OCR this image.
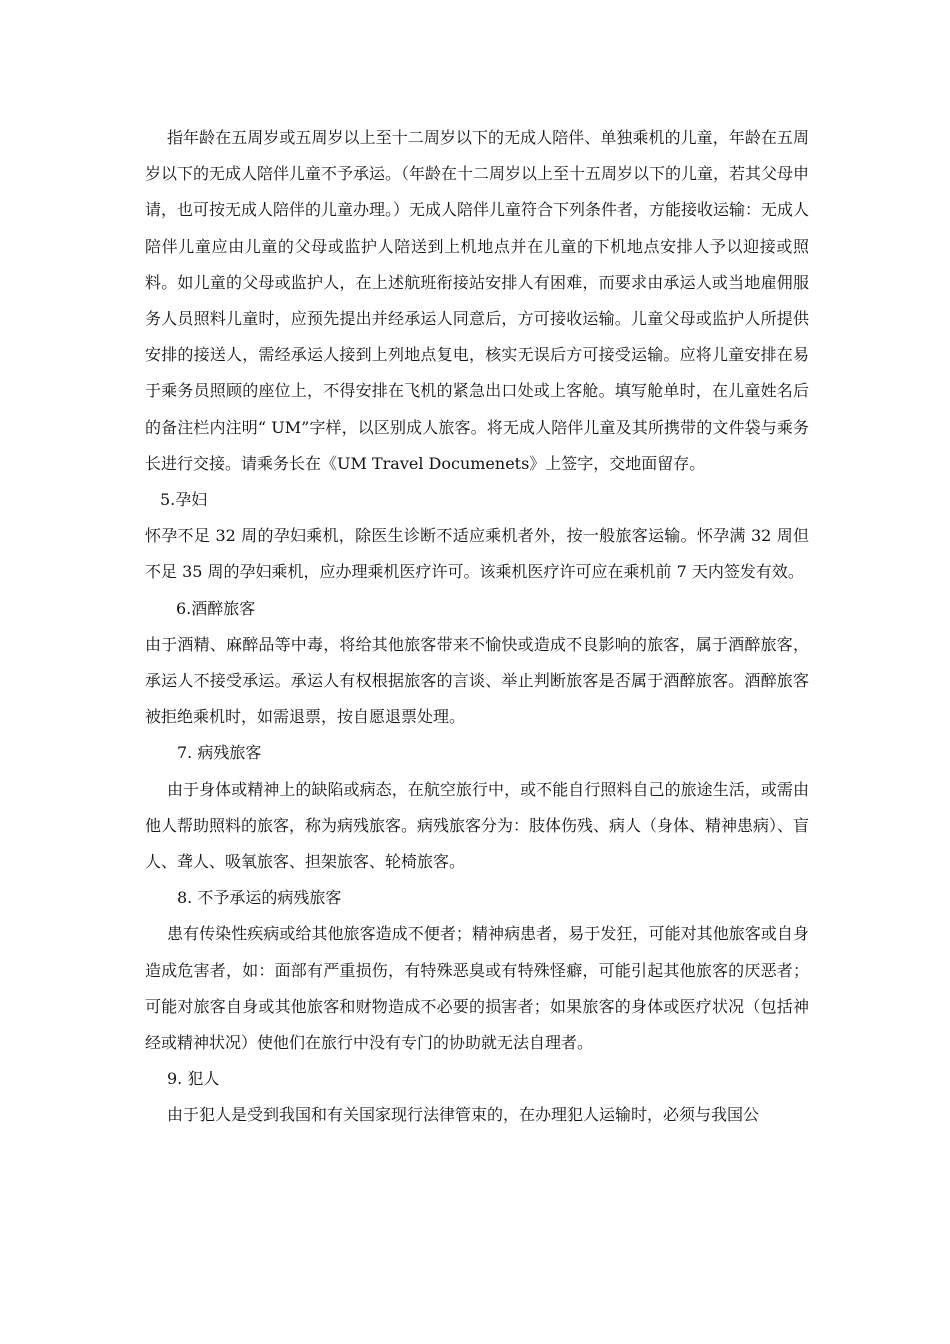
指年龄在五周岁或五周岁以上至十二周岁以下的无成人陪伴、单独乘机的儿童，年龄在五周岁以下的无成人陪伴儿童不予承运。（年龄在十二周岁以上至十五周岁以下的儿童，若其父母申请，也可按无成人陪伴的儿童办理。）无成人陪伴儿童符合下列条件者，方能接收运输：无成人陪伴儿童应由儿童的父母或监护人陪送到上机地点并在儿童的下机地点安排人予以迎接或照料。如儿童的父母或监护人，在上述航班衔接站安排人有困难，而要求由承运人或当地雇佣服务人员照料儿童时，应预先提出并经承运人同意后，方可接收运输。儿童父母或监护人所提供安排的接送人，需经承运人接到上列地点复电，核实无误后方可接受运输。应将儿童安排在易于乘务员照顾的座位上，不得安排在飞机的紧急出口处或上客舱。填写舱单时，在儿童姓名后的备注栏内注明“ UM”字样，以区别成人旅客。将无成人陪伴儿童及其所携带的文件袋与乘务长进行交接。请乘务长在《UM Travel Documenets》上签字，交地面留存。

5.孕妇

怀孕不足 32 周的孕妇乘机，除医生诊断不适应乘机者外，按一般旅客运输。怀孕满 32 周但不足 35 周的孕妇乘机，应办理乘机医疗许可。该乘机医疗许可应在乘机前 7 天内签发有效。

6.酒醉旅客

由于酒精、麻醉品等中毒，将给其他旅客带来不愉快或造成不良影响的旅客，属于酒醉旅客，承运人不接受承运。承运人有权根据旅客的言谈、举止判断旅客是否属于酒醉旅客。酒醉旅客被拒绝乘机时，如需退票，按自愿退票处理。

7. 病残旅客

由于身体或精神上的缺陷或病态，在航空旅行中，或不能自行照料自己的旅途生活，或需由他人帮助照料的旅客，称为病残旅客。病残旅客分为：肢体伤残、病人（身体、精神患病）、盲人、聋人、吸氧旅客、担架旅客、轮椅旅客。

8. 不予承运的病残旅客

患有传染性疾病或给其他旅客造成不便者；精神病患者，易于发狂，可能对其他旅客或自身造成危害者，如：面部有严重损伤，有特殊恶臭或有特殊怪癖，可能引起其他旅客的厌恶者；可能对旅客自身或其他旅客和财物造成不必要的损害者；如果旅客的身体或医疗状况（包括神经或精神状况）使他们在旅行中没有专门的协助就无法自理者。

9. 犯人

由于犯人是受到我国和有关国家现行法律管束的，在办理犯人运输时，必须与我国公
